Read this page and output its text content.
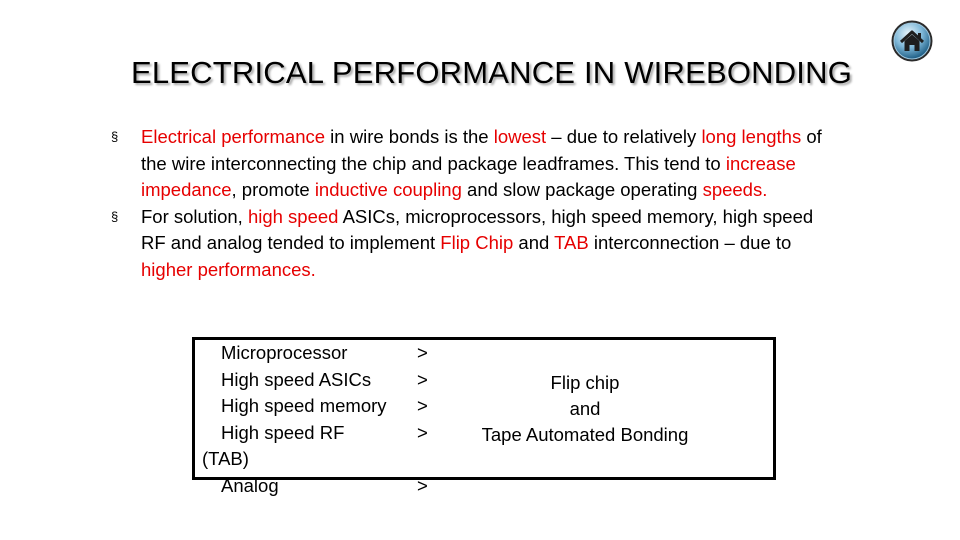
ELECTRICAL PERFORMANCE IN WIREBONDING
§ Electrical performance in wire bonds is the lowest – due to relatively long lengths of the wire interconnecting the chip and package leadframes. This tend to increase impedance, promote inductive coupling and slow package operating speeds.
§ For solution, high speed ASICs, microprocessors, high speed memory, high speed RF and analog tended to implement Flip Chip and TAB interconnection – due to higher performances.
Microprocessor	>
High speed ASICs >
High speed memory >
High speed RF	>
(TAB)
Analog	>
Flip chip
and
Tape Automated Bonding
